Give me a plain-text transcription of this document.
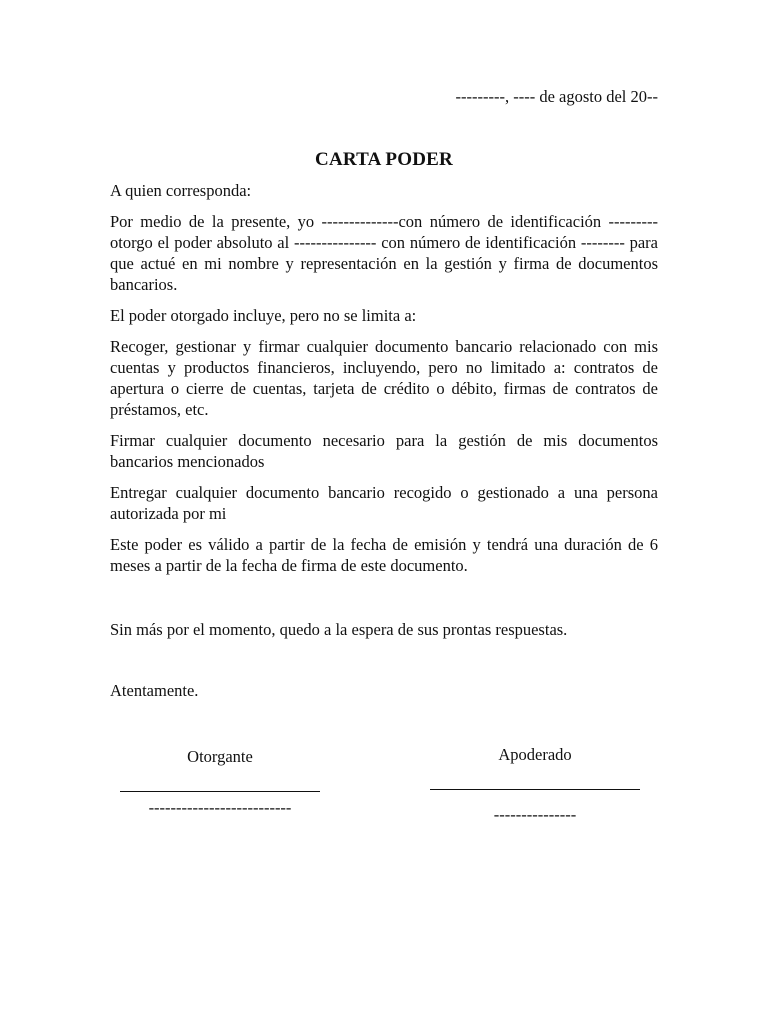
---------, ---- de agosto del 20--
CARTA PODER

A quien corresponda:

Por medio de la presente, yo --------------con número de identificación --------- otorgo el poder absoluto al --------------- con número de identificación -------- para que actué en mi nombre y representación en la gestión y firma de documentos bancarios.

El poder otorgado incluye, pero no se limita a:

Recoger, gestionar y firmar cualquier documento bancario relacionado con mis cuentas y productos financieros, incluyendo, pero no limitado a: contratos de apertura o cierre de cuentas, tarjeta de crédito o débito, firmas de contratos de préstamos, etc.

Firmar cualquier documento necesario para la gestión de mis documentos bancarios mencionados

Entregar cualquier documento bancario recogido o gestionado a una persona autorizada por mi

Este poder es válido a partir de la fecha de emisión y tendrá una duración de 6 meses a partir de la fecha de firma de este documento.

Sin más por el momento, quedo a la espera de sus prontas respuestas.
Atentamente.
Otorgante
--------------------------
Apoderado
---------------
